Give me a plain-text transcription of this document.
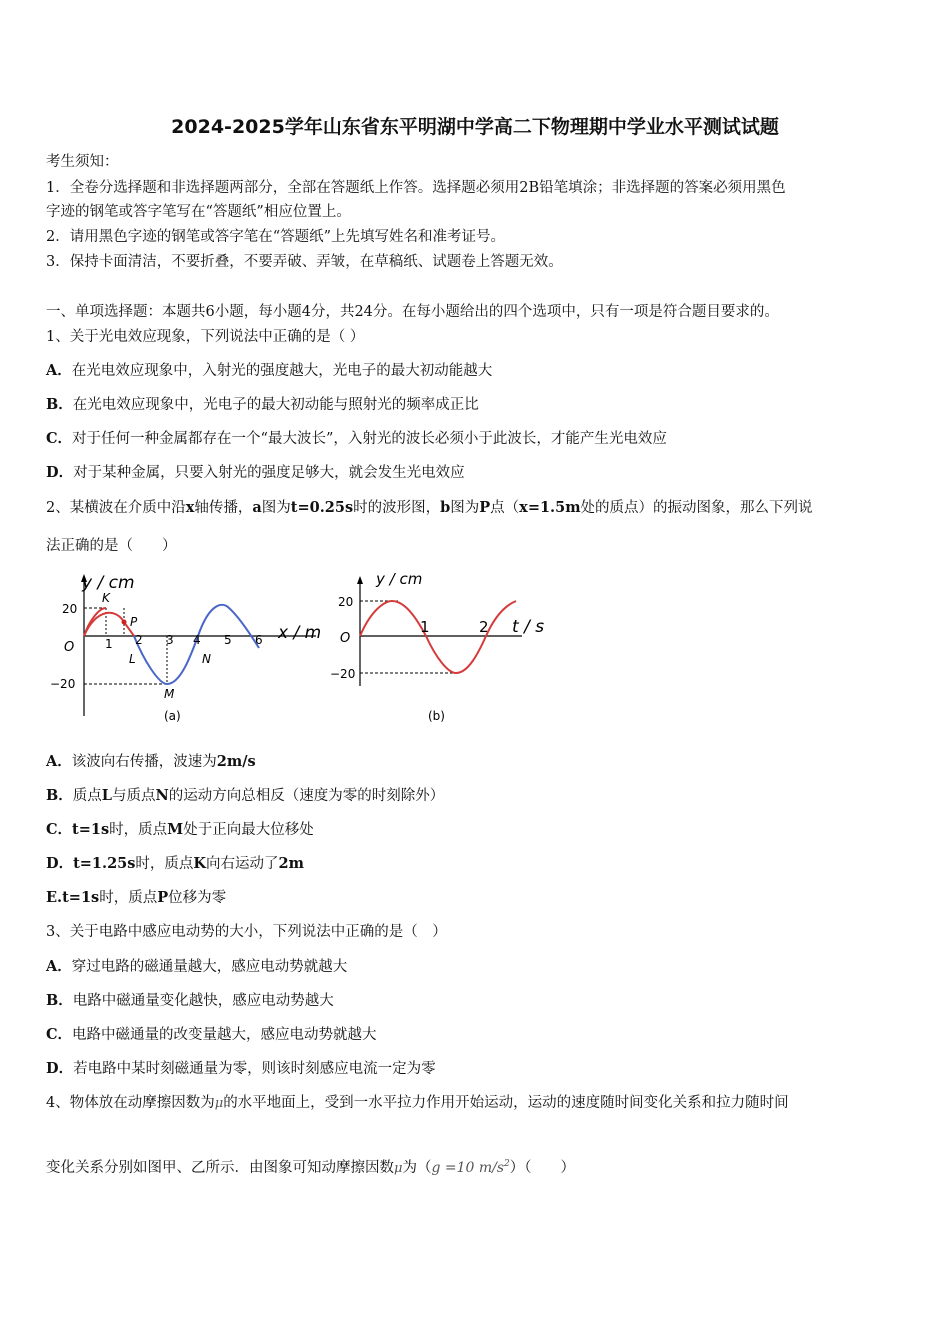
2024-2025学年山东省东平明湖中学高二下物理期中学业水平测试试题
考生须知：
1．全卷分选择题和非选择题两部分，全部在答题纸上作答。选择题必须用2B铅笔填涂；非选择题的答案必须用黑色
字迹的钢笔或答字笔写在“答题纸”相应位置上。
2．请用黑色字迹的钢笔或答字笔在“答题纸”上先填写姓名和准考证号。
3．保持卡面清洁，不要折叠，不要弄破、弄皱，在草稿纸、试题卷上答题无效。
一、单项选择题：本题共6小题，每小题4分，共24分。在每小题给出的四个选项中，只有一项是符合题目要求的。
1、关于光电效应现象，下列说法中正确的是（ ）
A．在光电效应现象中，入射光的强度越大，光电子的最大初动能越大
B．在光电效应现象中，光电子的最大初动能与照射光的频率成正比
C．对于任何一种金属都存在一个“最大波长”，入射光的波长必须小于此波长，才能产生光电效应
D．对于某种金属，只要入射光的强度足够大，就会发生光电效应
2、某横波在介质中沿x轴传播，a图为t=0.25s时的波形图，b图为P点（x=1.5m处的质点）的振动图象，那么下列说
法正确的是（　　）
y / cm
x / m
20
−20
O	1 2 3 4 5 6
K
P
L
M
N
(a)
y / cm
t / s
20
−20
O
1	2
(b)
A．该波向右传播，波速为2m/s
B．质点L与质点N的运动方向总相反（速度为零的时刻除外）
C．t=1s时，质点M处于正向最大位移处
D．t=1.25s时，质点K向右运动了2m
E.t=1s时，质点P位移为零
3、关于电路中感应电动势的大小，下列说法中正确的是（　）
A．穿过电路的磁通量越大，感应电动势就越大
B．电路中磁通量变化越快，感应电动势越大
C．电路中磁通量的改变量越大，感应电动势就越大
D．若电路中某时刻磁通量为零，则该时刻感应电流一定为零
4、物体放在动摩擦因数为μ的水平地面上，受到一水平拉力作用开始运动，运动的速度随时间变化关系和拉力随时间
变化关系分别如图甲、乙所示．由图象可知动摩擦因数μ为（g =10 $m/s^2$）（　　）
